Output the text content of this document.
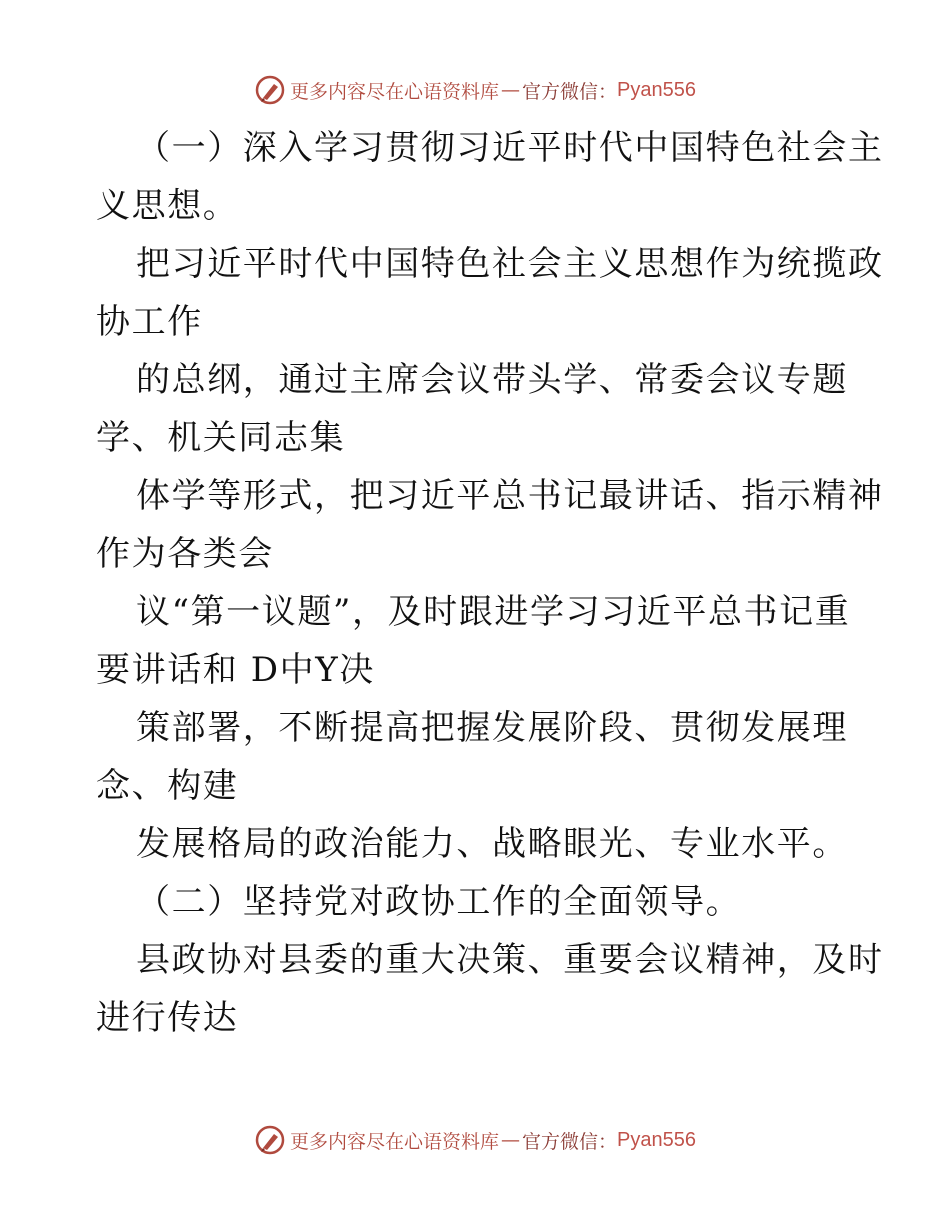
更多内容尽在心语资料库 — 官方微信： Pyan556
（一）深入学习贯彻习近平时代中国特色社会主
义思想。
把习近平时代中国特色社会主义思想作为统揽政
协工作
的总纲，通过主席会议带头学、常委会议专题
学、机关同志集
体学等形式，把习近平总书记最讲话、指示精神
作为各类会
议“第一议题”，及时跟进学习习近平总书记重
要讲话和 D中Y决
策部署，不断提高把握发展阶段、贯彻发展理
念、构建
发展格局的政治能力、战略眼光、专业水平。
（二）坚持党对政协工作的全面领导。
县政协对县委的重大决策、重要会议精神，及时
进行传达
更多内容尽在心语资料库 — 官方微信： Pyan556
